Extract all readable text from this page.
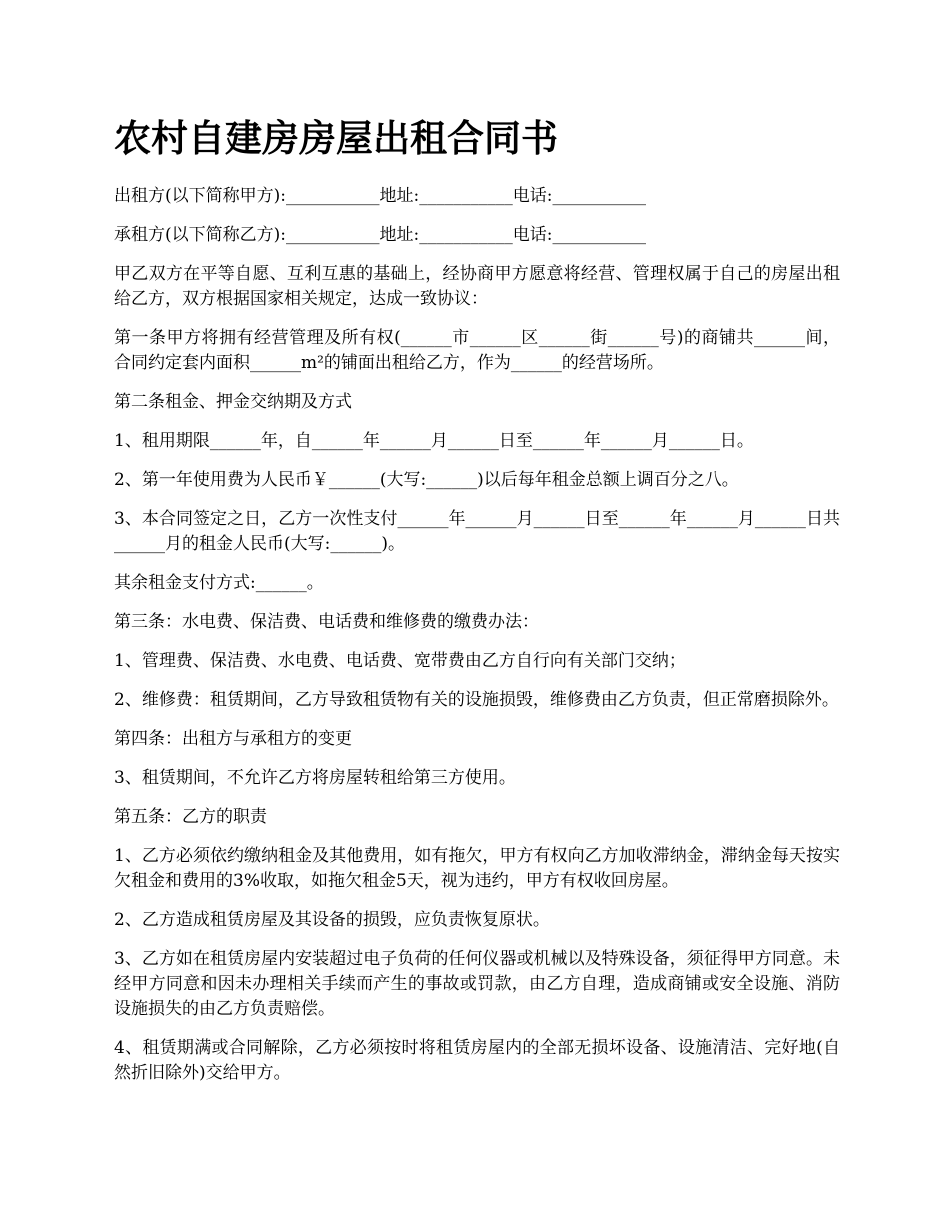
农村自建房房屋出租合同书

出租方(以下简称甲方):___________地址:___________电话:___________

承租方(以下简称乙方):___________地址:___________电话:___________

甲乙双方在平等自愿、互利互惠的基础上，经协商甲方愿意将经营、管理权属于自己的房屋出租给乙方，双方根据国家相关规定，达成一致协议：

第一条甲方将拥有经营管理及所有权(______市______区______街______号)的商铺共______间，合同约定套内面积______m²的铺面出租给乙方，作为______的经营场所。

第二条租金、押金交纳期及方式

1、租用期限______年，自______年______月______日至______年______月______日。

2、第一年使用费为人民币￥______(大写:______)以后每年租金总额上调百分之八。

3、本合同签定之日，乙方一次性支付______年______月______日至______年______月______日共______月的租金人民币(大写:______)。

其余租金支付方式:______。

第三条：水电费、保洁费、电话费和维修费的缴费办法：

1、管理费、保洁费、水电费、电话费、宽带费由乙方自行向有关部门交纳；

2、维修费：租赁期间，乙方导致租赁物有关的设施损毁，维修费由乙方负责，但正常磨损除外。

第四条：出租方与承租方的变更

3、租赁期间，不允许乙方将房屋转租给第三方使用。

第五条：乙方的职责

1、乙方必须依约缴纳租金及其他费用，如有拖欠，甲方有权向乙方加收滞纳金，滞纳金每天按实欠租金和费用的3%收取，如拖欠租金5天，视为违约，甲方有权收回房屋。

2、乙方造成租赁房屋及其设备的损毁，应负责恢复原状。

3、乙方如在租赁房屋内安装超过电子负荷的任何仪器或机械以及特殊设备，须征得甲方同意。未经甲方同意和因未办理相关手续而产生的事故或罚款，由乙方自理，造成商铺或安全设施、消防设施损失的由乙方负责赔偿。

4、租赁期满或合同解除，乙方必须按时将租赁房屋内的全部无损坏设备、设施清洁、完好地(自然折旧除外)交给甲方。
